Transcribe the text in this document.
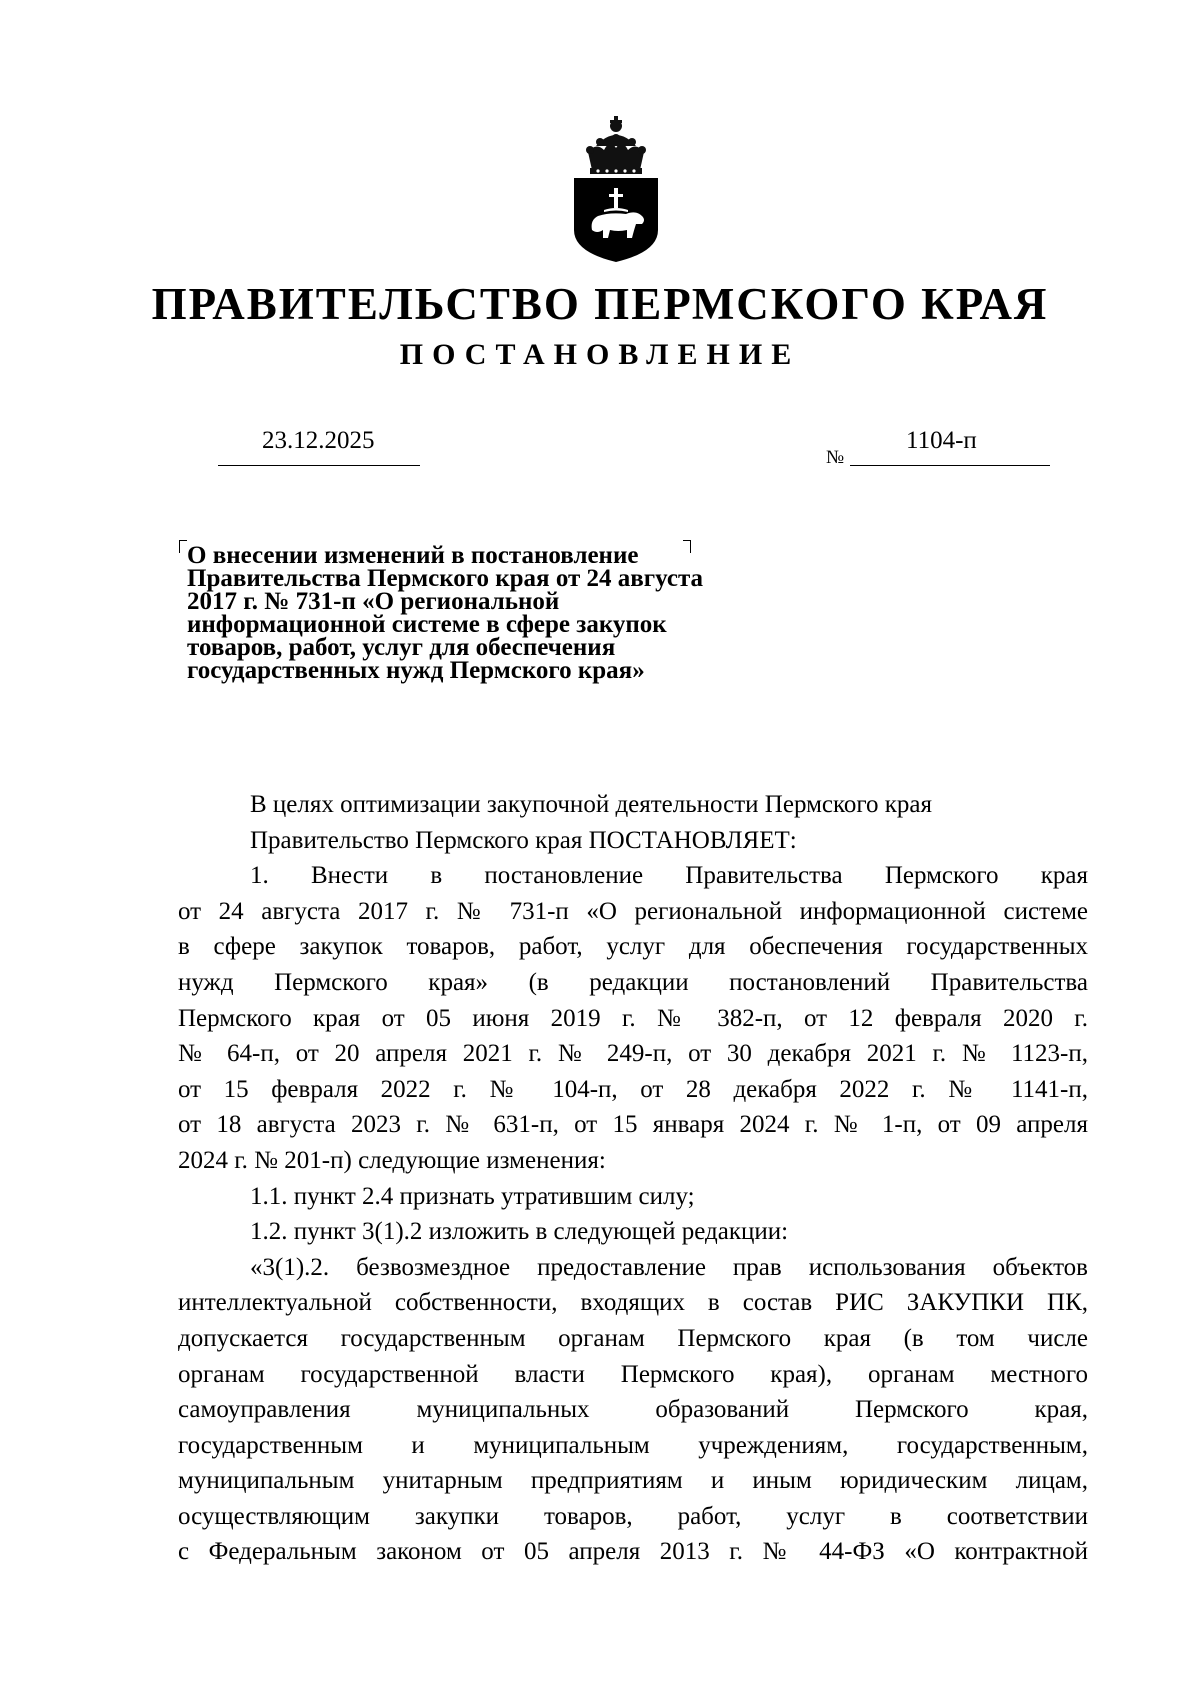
ПРАВИТЕЛЬСТВО ПЕРМСКОГО КРАЯ
ПОСТАНОВЛЕНИЕ
23.12.2025
№
1104-п
О внесении изменений в постановление
Правительства Пермского края от 24 августа
2017 г. № 731-п «О региональной
информационной системе в сфере закупок
товаров, работ, услуг для обеспечения
государственных нужд Пермского края»
В целях оптимизации закупочной деятельности Пермского края
Правительство Пермского края ПОСТАНОВЛЯЕТ:
1. Внести в постановление Правительства Пермского края
от 24 августа 2017 г. № 731-п «О региональной информационной системе
в сфере закупок товаров, работ, услуг для обеспечения государственных
нужд Пермского края» (в редакции постановлений Правительства
Пермского края от 05 июня 2019 г. № 382-п, от 12 февраля 2020 г.
№ 64-п, от 20 апреля 2021 г. № 249-п, от 30 декабря 2021 г. № 1123-п,
от 15 февраля 2022 г. № 104-п, от 28 декабря 2022 г. № 1141-п,
от 18 августа 2023 г. № 631-п, от 15 января 2024 г. № 1-п, от 09 апреля
2024 г. № 201-п) следующие изменения:
1.1. пункт 2.4 признать утратившим силу;
1.2. пункт 3(1).2 изложить в следующей редакции:
«3(1).2. безвозмездное предоставление прав использования объектов
интеллектуальной собственности, входящих в состав РИС ЗАКУПКИ ПК,
допускается государственным органам Пермского края (в том числе
органам государственной власти Пермского края), органам местного
самоуправления муниципальных образований Пермского края,
государственным и муниципальным учреждениям, государственным,
муниципальным унитарным предприятиям и иным юридическим лицам,
осуществляющим закупки товаров, работ, услуг в соответствии
с Федеральным законом от 05 апреля 2013 г. № 44-ФЗ «О контрактной
